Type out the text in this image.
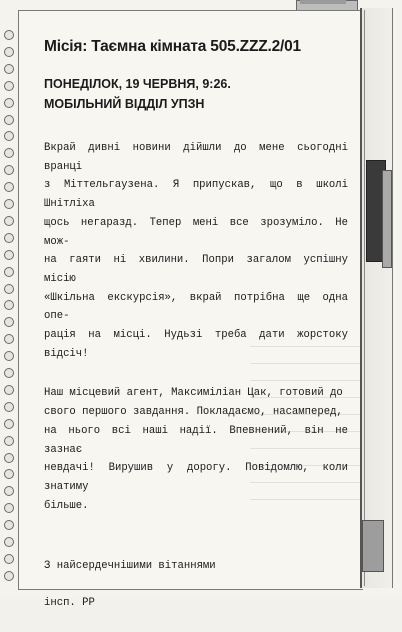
Місія: Таємна кімната 505.ZZZ.2/01
ПОНЕДІЛОК, 19 ЧЕРВНЯ, 9:26.
МОБІЛЬНИЙ ВІДДІЛ УПЗН
Вкрай дивні новини дійшли до мене сьогодні вранці
з Міттельгаузена. Я припускав, що в школі Шнітліха
щось негаразд. Тепер мені все зрозуміло. Не мож-
на гаяти ні хвилини. Попри загалом успішну місію
«Шкільна екскурсія», вкрай потрібна ще одна опе-
рація на місці. Нудьзі треба дати жорстоку відсіч!
Наш місцевий агент, Максиміліан Цак, готовий до
свого першого завдання. Покладаємо, насамперед,
на нього всі наші надії. Впевнений, він не зазнає
невдачі! Вирушив у дорогу. Повідомлю, коли знатиму
більше.

З найсердечнішими вітаннями

інсп. РР
